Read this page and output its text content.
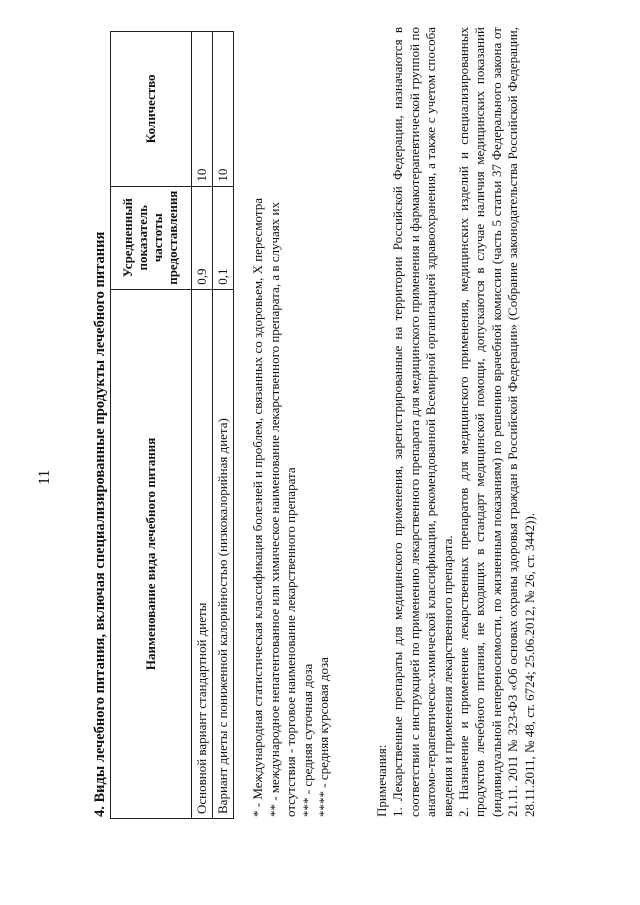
11	4. Виды лечебного питания, включая специализированные продукты лечебного питания	Наименование вида лечебного питания	Усредненный показатель частоты предоставления	Количество
Основной вариант стандартной диеты	0,9	10
Вариант диеты с пониженной калорийностью (низкокалорийная диета)	0,1	10
* - Международная статистическая классификация болезней и проблем, связанных со здоровьем, X пересмотра ** - международное непатентованное или химическое наименование лекарственного препарата, а в случаях их отсутствия - торговое наименование лекарственного препарата *** - средняя суточная доза **** - средняя курсовая доза	Примечания: 1. Лекарственные препараты для медицинского применения, зарегистрированные на территории Российской Федерации, назначаются в соответствии с инструкцией по применению лекарственного препарата для медицинского применения и фармакотерапевтической группой по анатомо-терапевтическо-химической классификации, рекомендованной Всемирной организацией здравоохранения, а также с учетом способа введения и применения лекарственного препарата. 2. Назначение и применение лекарственных препаратов для медицинского применения, медицинских изделий и специализированных продуктов лечебного питания, не входящих в стандарт медицинской помощи, допускаются в случае наличия медицинских показаний (индивидуальной непереносимости, по жизненным показаниям) по решению врачебной комиссии (часть 5 статьи 37 Федерального закона от 21.11. 2011 № 323-ФЗ «Об основах охраны здоровья граждан в Российской Федерации» (Собрание законодательства Российской Федерации, 28.11.2011, № 48, ст. 6724; 25.06.2012, № 26, ст. 3442)).
